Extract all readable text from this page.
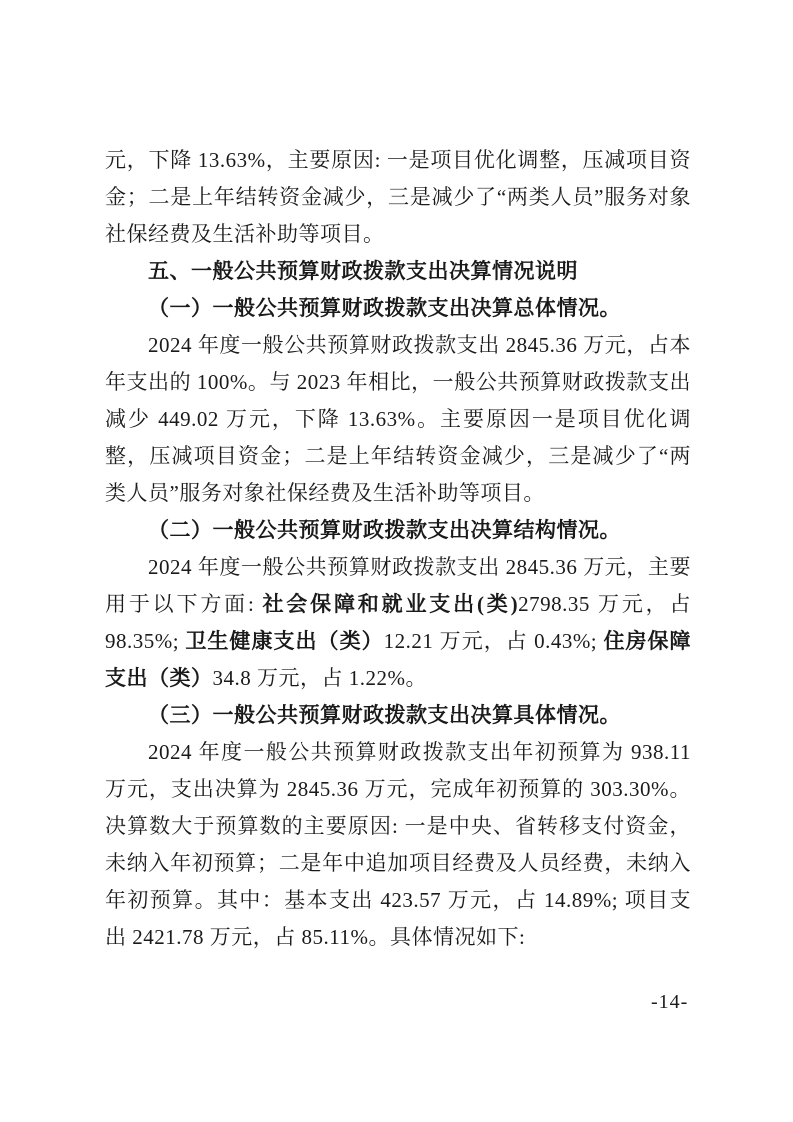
元，下降 13.63%，主要原因: 一是项目优化调整，压减项目资金；二是上年结转资金减少，三是减少了“两类人员”服务对象社保经费及生活补助等项目。

五、一般公共预算财政拨款支出决算情况说明

（一）一般公共预算财政拨款支出决算总体情况。

2024 年度一般公共预算财政拨款支出 2845.36 万元，占本年支出的 100%。与 2023 年相比，一般公共预算财政拨款支出减少 449.02 万元，下降 13.63%。主要原因一是项目优化调整，压减项目资金；二是上年结转资金减少，三是减少了“两类人员”服务对象社保经费及生活补助等项目。

（二）一般公共预算财政拨款支出决算结构情况。

2024 年度一般公共预算财政拨款支出 2845.36 万元，主要用于以下方面: 社会保障和就业支出(类)2798.35 万元，占 98.35%; 卫生健康支出（类）12.21 万元，占 0.43%; 住房保障支出（类）34.8 万元，占 1.22%。

（三）一般公共预算财政拨款支出决算具体情况。

2024 年度一般公共预算财政拨款支出年初预算为 938.11 万元，支出决算为 2845.36 万元，完成年初预算的 303.30%。决算数大于预算数的主要原因: 一是中央、省转移支付资金，未纳入年初预算；二是年中追加项目经费及人员经费，未纳入年初预算。其中：基本支出 423.57 万元，占 14.89%; 项目支出 2421.78 万元，占 85.11%。具体情况如下:

-14-
